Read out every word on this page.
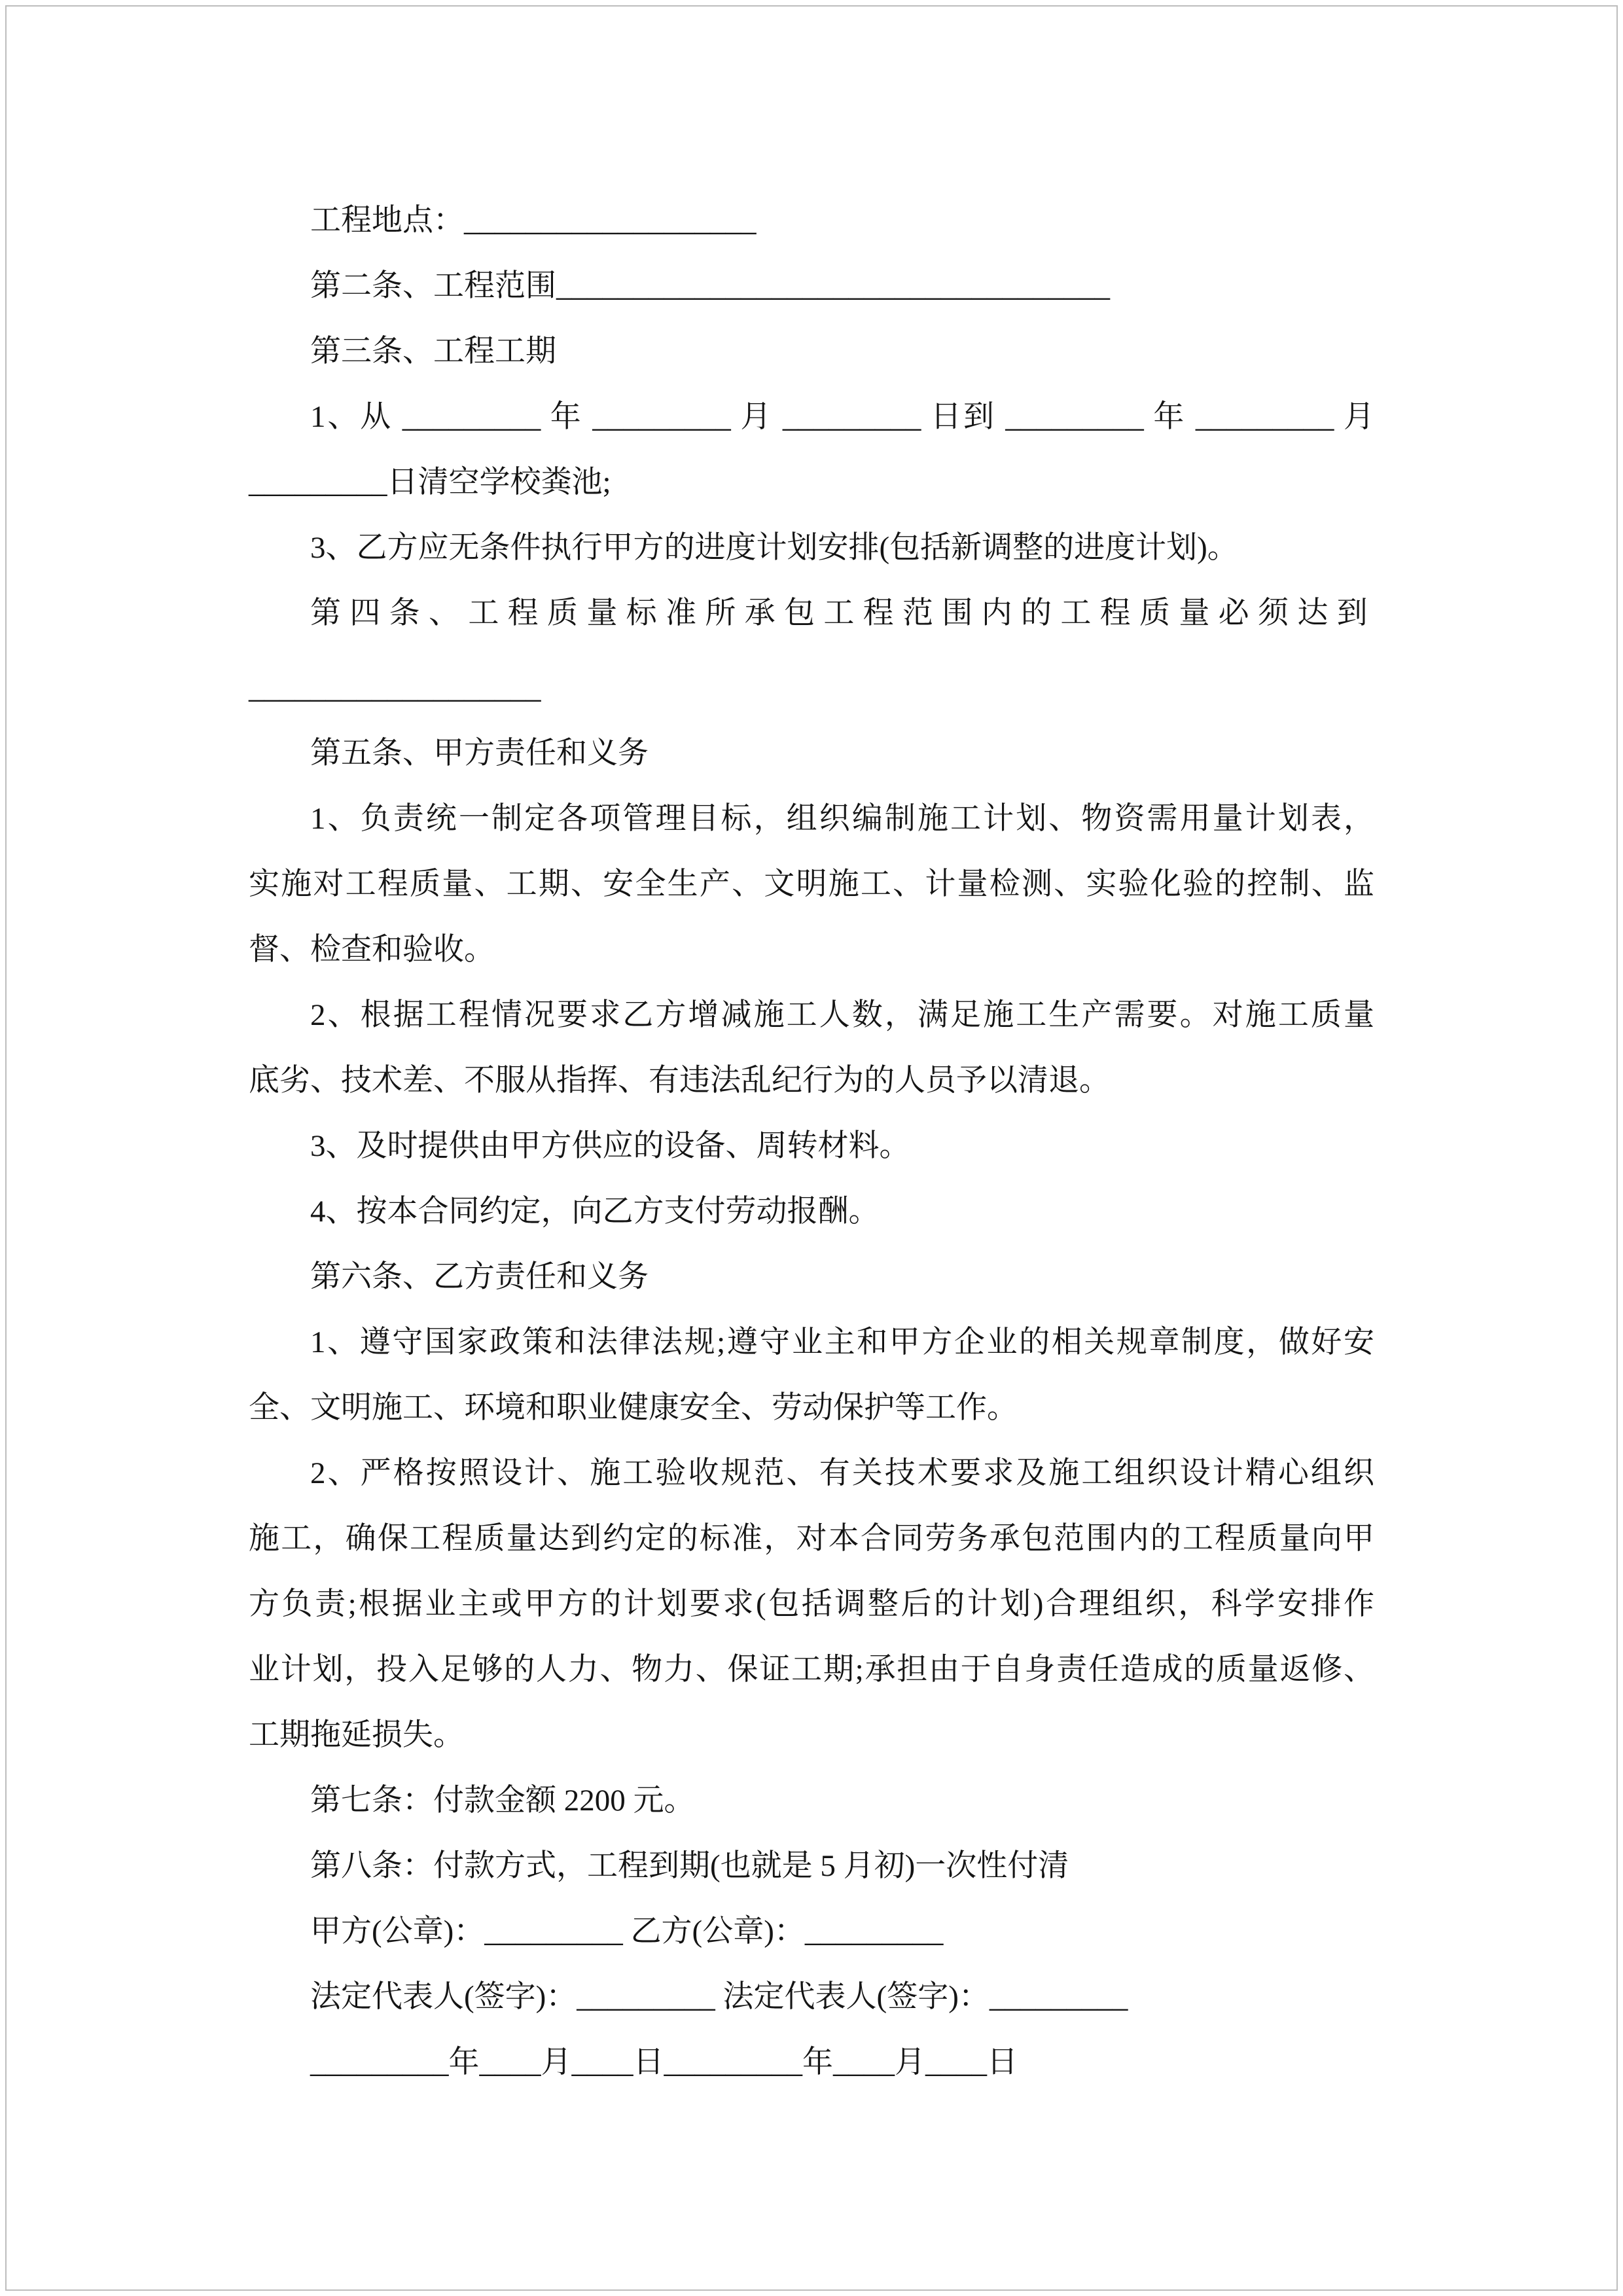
工程地点：___________________
第二条、工程范围____________________________________
第三条、工程工期
1、从 _________ 年 _________ 月 _________ 日到 _________ 年 _________ 月
_________日清空学校粪池;
3、乙方应无条件执行甲方的进度计划安排(包括新调整的进度计划)。
第四条、工程质量标准所承包工程范围内的工程质量必须达到
___________________
第五条、甲方责任和义务
1、负责统一制定各项管理目标，组织编制施工计划、物资需用量计划表，
实施对工程质量、工期、安全生产、文明施工、计量检测、实验化验的控制、监
督、检查和验收。
2、根据工程情况要求乙方增减施工人数，满足施工生产需要。对施工质量
底劣、技术差、不服从指挥、有违法乱纪行为的人员予以清退。
3、及时提供由甲方供应的设备、周转材料。
4、按本合同约定，向乙方支付劳动报酬。
第六条、乙方责任和义务
1、遵守国家政策和法律法规;遵守业主和甲方企业的相关规章制度，做好安
全、文明施工、环境和职业健康安全、劳动保护等工作。
2、严格按照设计、施工验收规范、有关技术要求及施工组织设计精心组织
施工，确保工程质量达到约定的标准，对本合同劳务承包范围内的工程质量向甲
方负责;根据业主或甲方的计划要求(包括调整后的计划)合理组织，科学安排作
业计划，投入足够的人力、物力、保证工期;承担由于自身责任造成的质量返修、
工期拖延损失。
第七条：付款金额 2200 元。
第八条：付款方式，工程到期(也就是 5 月初)一次性付清
甲方(公章)：_________ 乙方(公章)：_________
法定代表人(签字)：_________ 法定代表人(签字)：_________
_________年____月____日_________年____月____日
